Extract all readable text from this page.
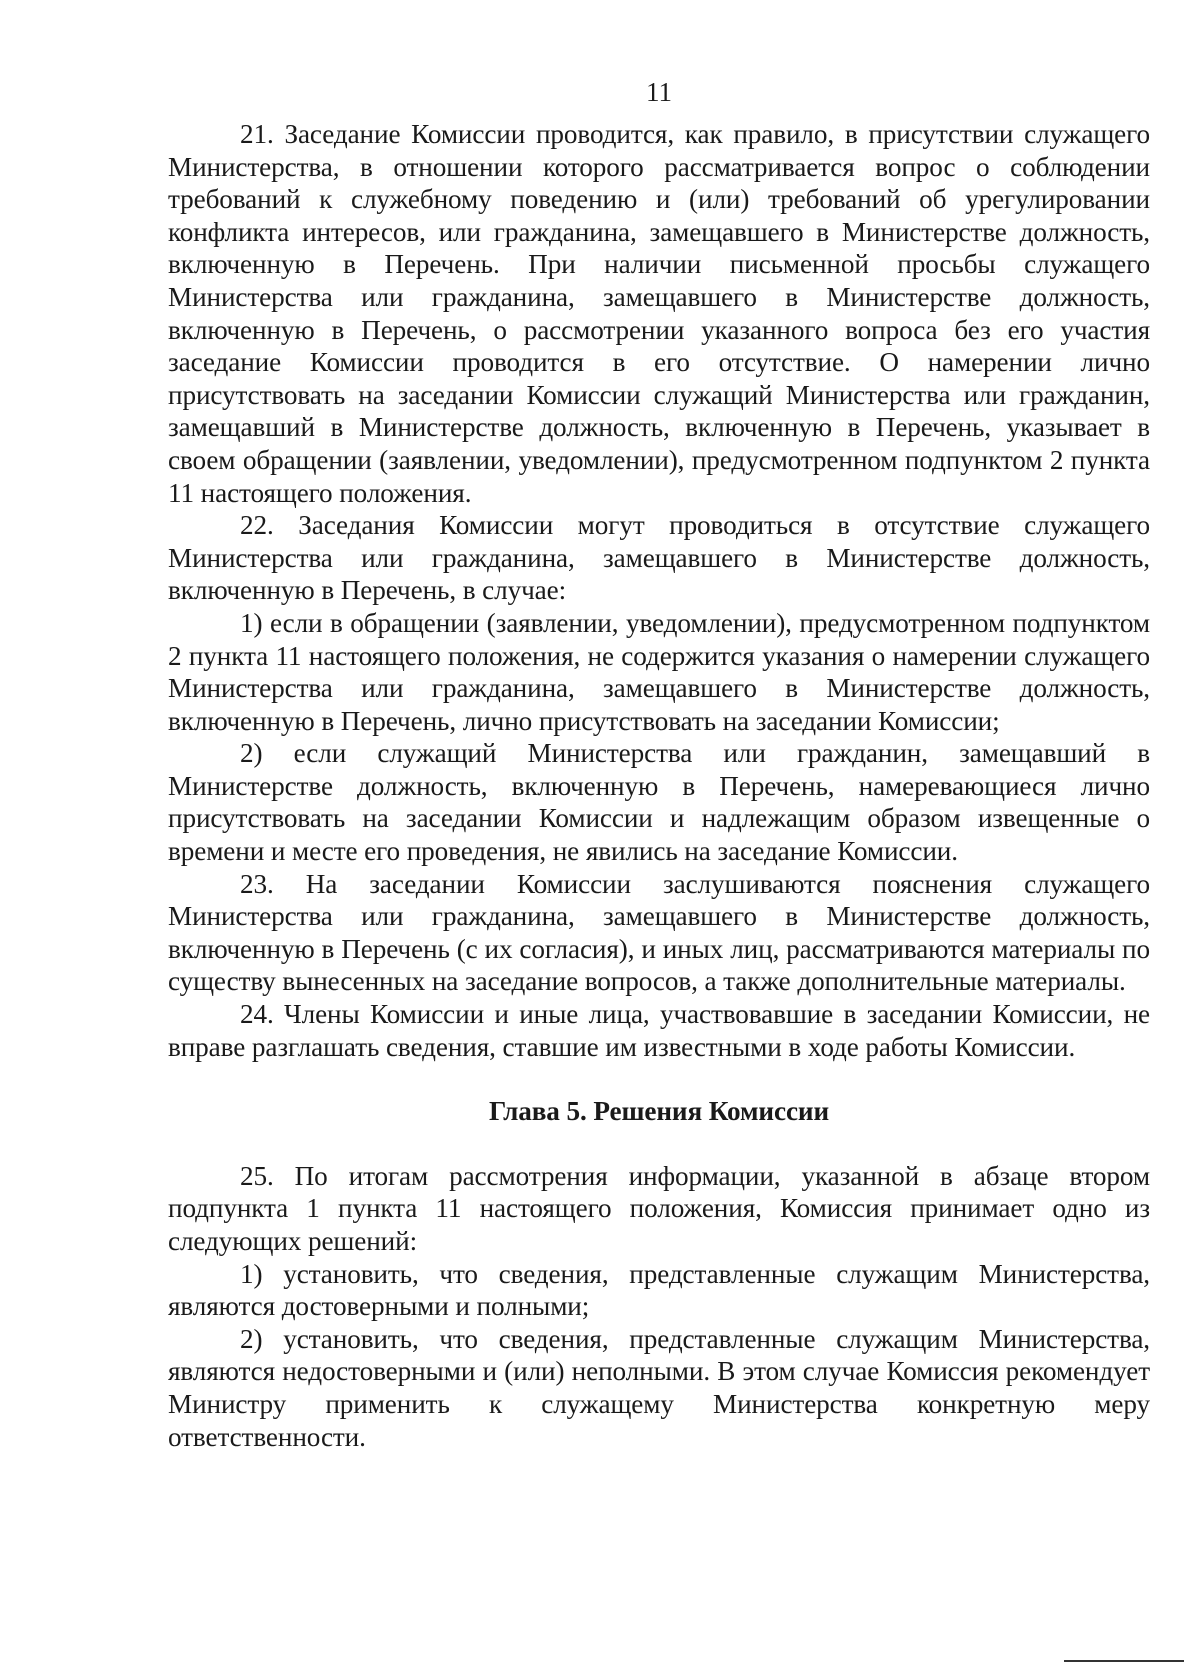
11

21. Заседание Комиссии проводится, как правило, в присутствии служащего Министерства, в отношении которого рассматривается вопрос о соблюдении требований к служебному поведению и (или) требований об урегулировании конфликта интересов, или гражданина, замещавшего в Министерстве должность, включенную в Перечень. При наличии письменной просьбы служащего Министерства или гражданина, замещавшего в Министерстве должность, включенную в Перечень, о рассмотрении указанного вопроса без его участия заседание Комиссии проводится в его отсутствие. О намерении лично присутствовать на заседании Комиссии служащий Министерства или гражданин, замещавший в Министерстве должность, включенную в Перечень, указывает в своем обращении (заявлении, уведомлении), предусмотренном подпунктом 2 пункта 11 настоящего положения.

22. Заседания Комиссии могут проводиться в отсутствие служащего Министерства или гражданина, замещавшего в Министерстве должность, включенную в Перечень, в случае:

1) если в обращении (заявлении, уведомлении), предусмотренном подпунктом 2 пункта 11 настоящего положения, не содержится указания о намерении служащего Министерства или гражданина, замещавшего в Министерстве должность, включенную в Перечень, лично присутствовать на заседании Комиссии;

2) если служащий Министерства или гражданин, замещавший в Министерстве должность, включенную в Перечень, намеревающиеся лично присутствовать на заседании Комиссии и надлежащим образом извещенные о времени и месте его проведения, не явились на заседание Комиссии.

23. На заседании Комиссии заслушиваются пояснения служащего Министерства или гражданина, замещавшего в Министерстве должность, включенную в Перечень (с их согласия), и иных лиц, рассматриваются материалы по существу вынесенных на заседание вопросов, а также дополнительные материалы.

24. Члены Комиссии и иные лица, участвовавшие в заседании Комиссии, не вправе разглашать сведения, ставшие им известными в ходе работы Комиссии.

Глава 5. Решения Комиссии

25. По итогам рассмотрения информации, указанной в абзаце втором подпункта 1 пункта 11 настоящего положения, Комиссия принимает одно из следующих решений:

1) установить, что сведения, представленные служащим Министерства, являются достоверными и полными;

2) установить, что сведения, представленные служащим Министерства, являются недостоверными и (или) неполными. В этом случае Комиссия рекомендует Министру применить к служащему Министерства конкретную меру ответственности.
